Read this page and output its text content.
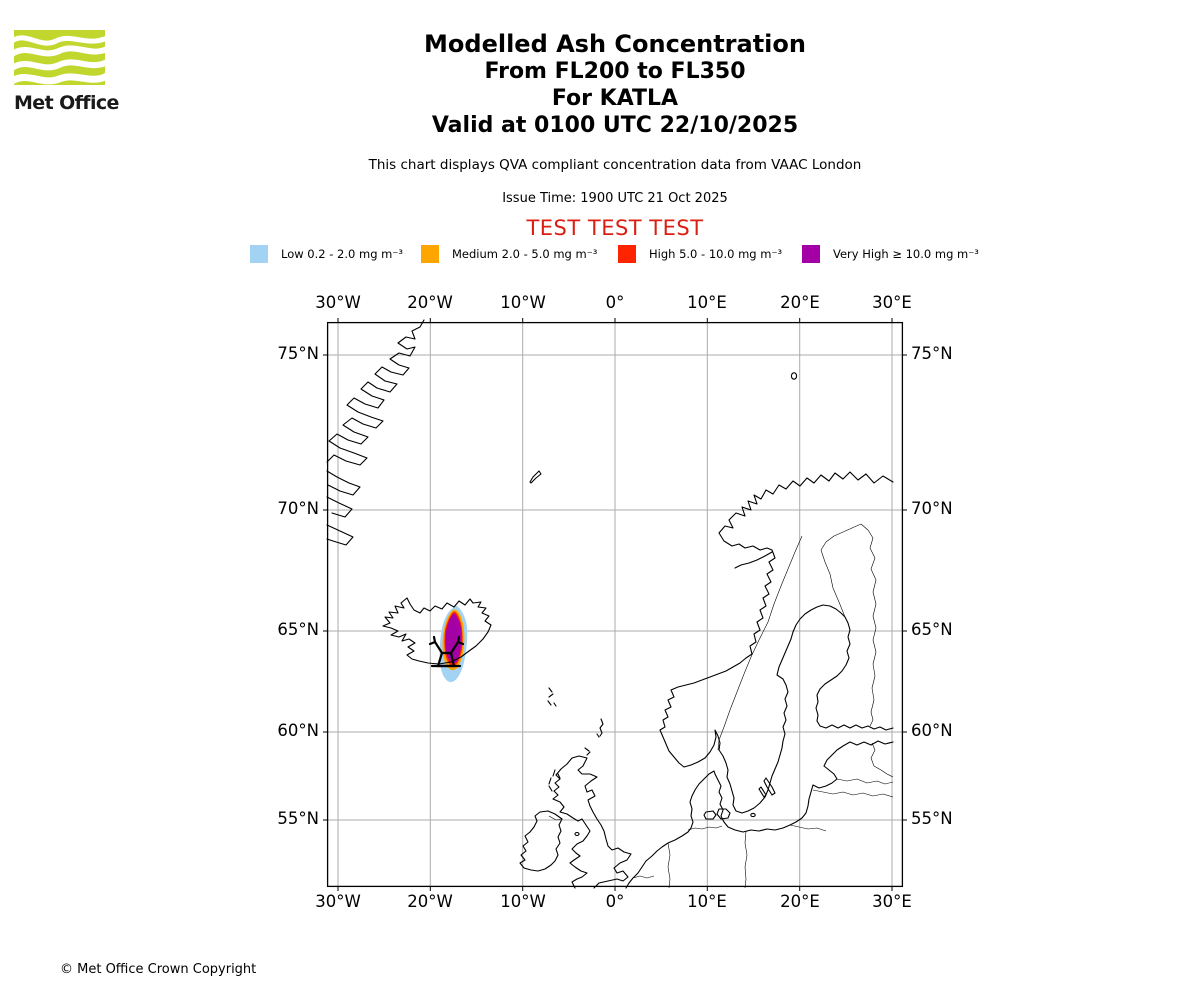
Met Office
Modelled Ash Concentration
From FL200 to FL350
For KATLA
Valid at 0100 UTC 22/10/2025
This chart displays QVA compliant concentration data from VAAC London
Issue Time: 1900 UTC 21 Oct 2025
TEST TEST TEST
Low 0.2 - 2.0 mg m⁻³	Medium 2.0 - 5.0 mg m⁻³	High 5.0 - 10.0 mg m⁻³	Very High ≥ 10.0 mg m⁻³
30°W	20°W	10°W	0°	10°E	20°E	30°E
30°W	20°W	10°W	0°	10°E	20°E	30°E
75°N
70°N
65°N
60°N
55°N
75°N
70°N
65°N
60°N
55°N
© Met Office Crown Copyright
